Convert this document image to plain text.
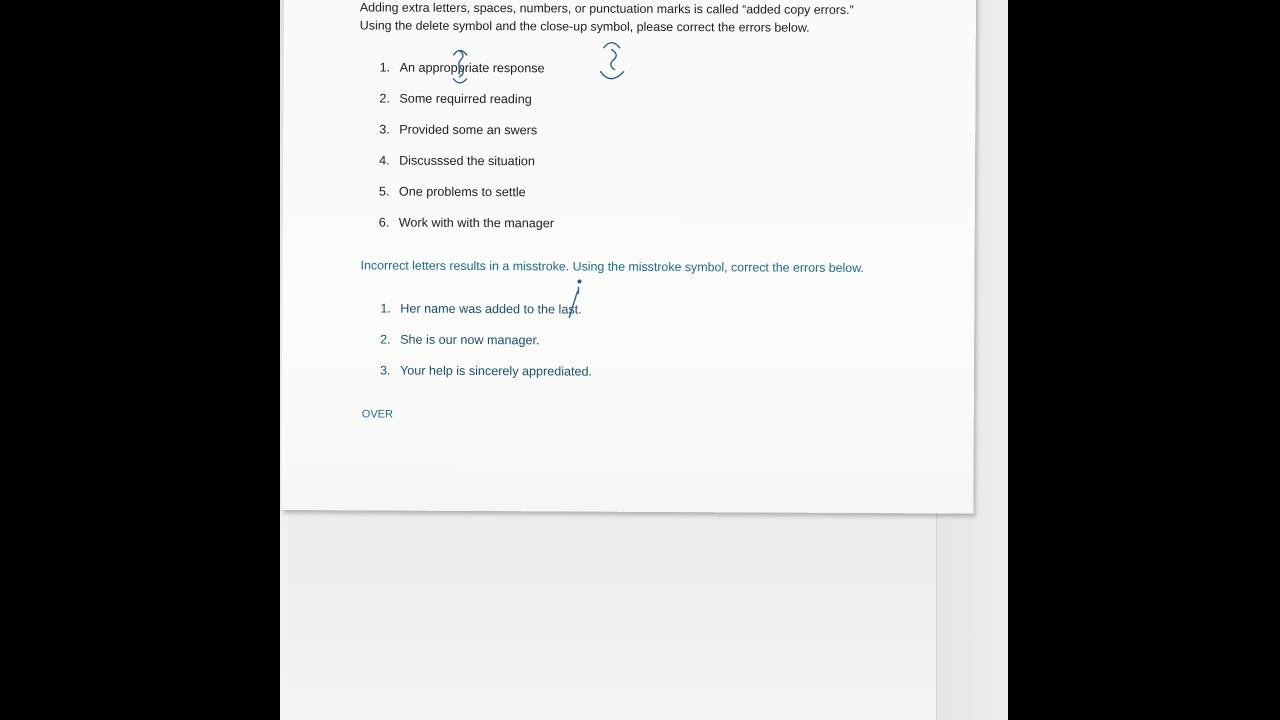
Adding extra letters, spaces, numbers, or punctuation marks is called “added copy errors.” Using the delete symbol and the close-up symbol, please correct the errors below.

1. An approppriate response
2. Some requirred reading
3. Provided some an swers
4. Discusssed the situation
5. One problems to settle
6. Work with with the manager

Incorrect letters results in a misstroke. Using the misstroke symbol, correct the errors below.

1. Her name was added to the last.
2. She is our now manager.
3. Your help is sincerely apprediated.
OVER
